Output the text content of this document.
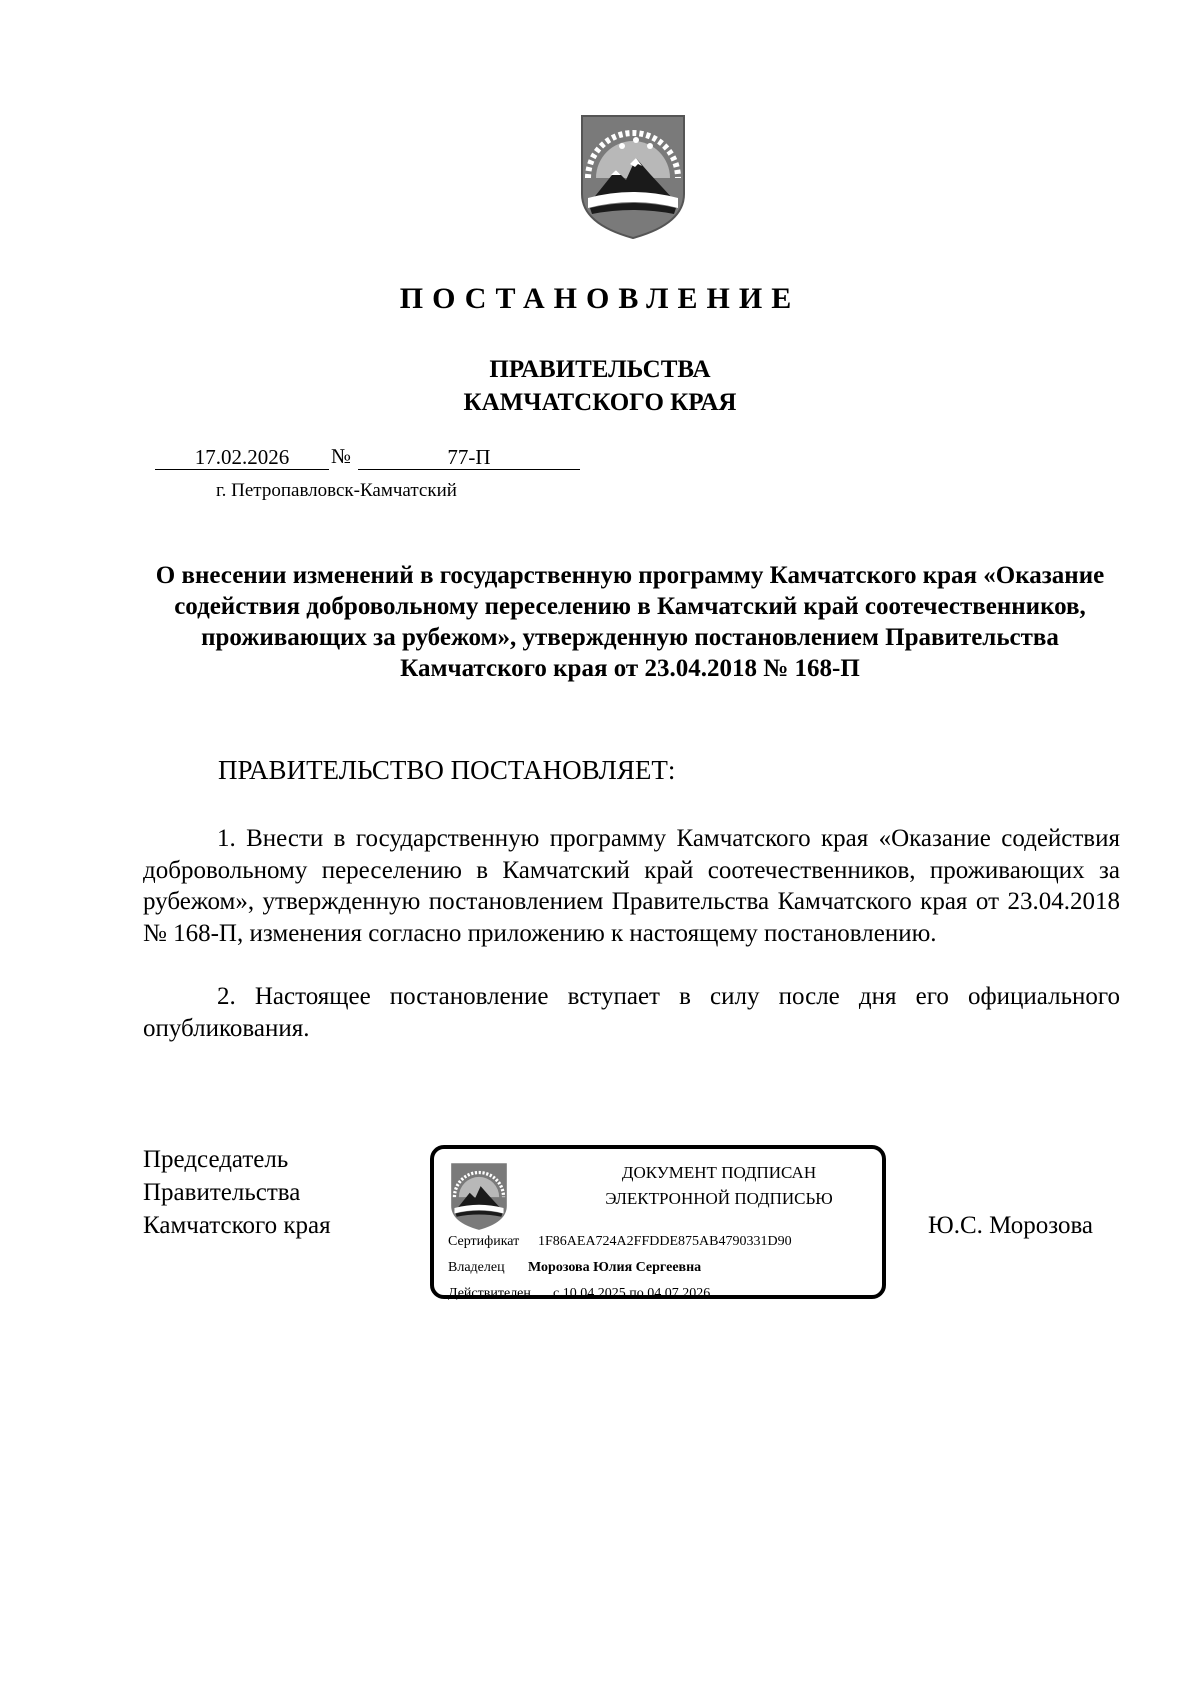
ПОСТАНОВЛЕНИЕ
ПРАВИТЕЛЬСТВА
КАМЧАТСКОГО КРАЯ
17.02.2026	№	77-П
г. Петропавловск-Камчатский
О внесении изменений в государственную программу Камчатского края «Оказание содействия добровольному переселению в Камчатский край соотечественников, проживающих за рубежом», утвержденную постановлением Правительства Камчатского края от 23.04.2018 № 168-П
ПРАВИТЕЛЬСТВО ПОСТАНОВЛЯЕТ:
1. Внести в государственную программу Камчатского края «Оказание содействия добровольному переселению в Камчатский край соотечественников, проживающих за рубежом», утвержденную постановлением Правительства Камчатского края от 23.04.2018 № 168-П, изменения согласно приложению к настоящему постановлению.
2. Настоящее постановление вступает в силу после дня его официального опубликования.
Председатель
Правительства
Камчатского края	Ю.С. Морозова
ДОКУМЕНТ ПОДПИСАН
ЭЛЕКТРОННОЙ ПОДПИСЬЮ
Сертификат 1F86AEA724A2FFDDE875AB4790331D90
Владелец Морозова Юлия Сергеевна
Действителен с 10.04.2025 по 04.07.2026
